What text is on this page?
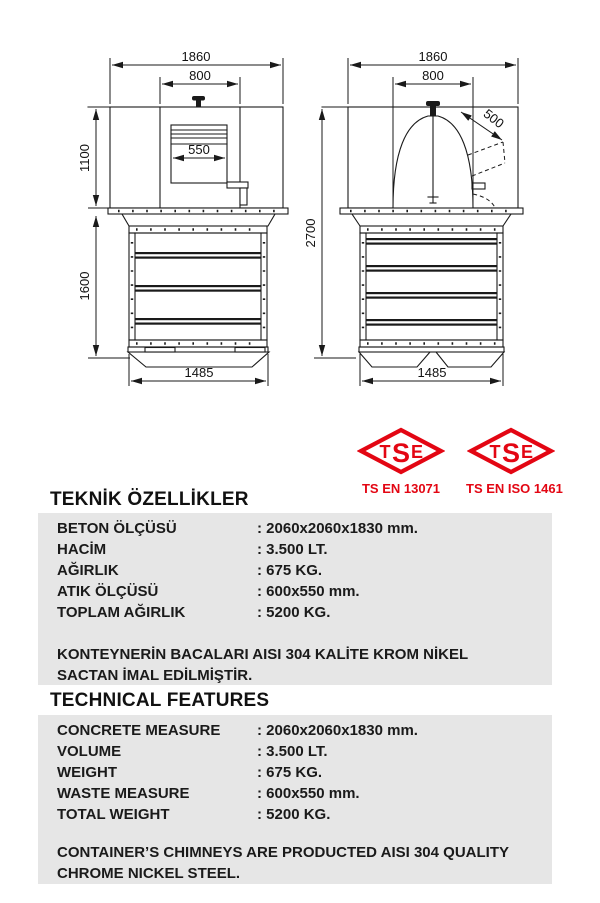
1860
800
1100	550
1600
1485
1860
800
2700
500
1485
T S E
TS EN 13071
T S E
TS EN ISO 1461
TEKNİK ÖZELLİKLER
BETON ÖLÇÜSÜ	: 2060x2060x1830 mm.
HACİM	: 3.500 LT.
AĞIRLIK	: 675 KG.
ATIK ÖLÇÜSÜ	: 600x550 mm.
TOPLAM AĞIRLIK	: 5200 KG.
KONTEYNERİN BACALARI AISI 304 KALİTE KROM NİKEL SACTAN İMAL EDİLMİŞTİR.
TECHNICAL FEATURES
CONCRETE MEASURE : 2060x2060x1830 mm.
VOLUME	: 3.500 LT.
WEIGHT	: 675 KG.
WASTE MEASURE	: 600x550 mm.
TOTAL WEIGHT	: 5200 KG.
CONTAINER’S CHIMNEYS ARE PRODUCTED AISI 304 QUALITY CHROME NICKEL STEEL.
